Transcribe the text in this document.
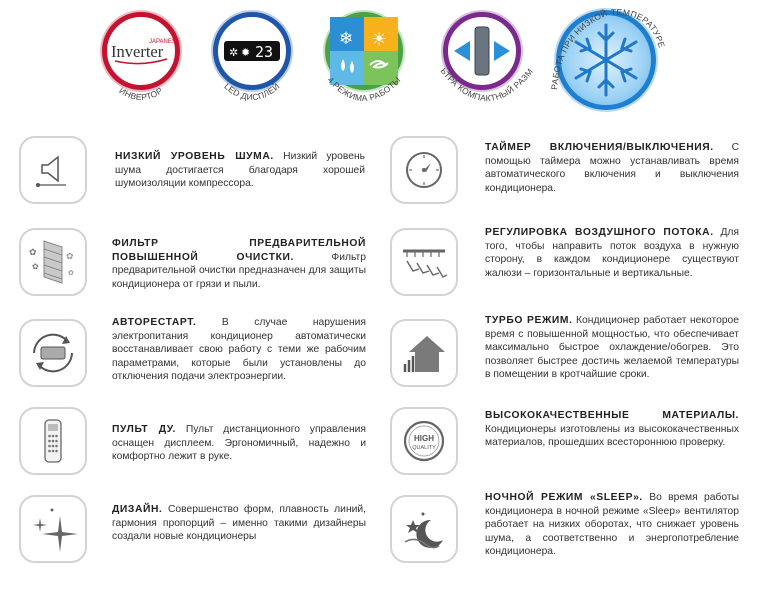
JAPANESE
Inverter
ИНВЕРТОР
✲ ✹ 23
LED ДИСПЛЕЙ
❄ ☀
4 РЕЖИМА РАБОТЫ
УЛЬТРА КОМПАКТНЫЙ РАЗМЕР
РАБОТА ПРИ НИЗКОЙ ТЕМПЕРАТУРЕ
НИЗКИЙ УРОВЕНЬ ШУМА. Низкий уровень шума достигается благодаря хорошей шумоизоляции компрессора.
✿
✿
✿
✿
ФИЛЬТР ПРЕДВАРИТЕЛЬНОЙ ПОВЫШЕННОЙ ОЧИСТКИ.	Фильтр предварительной очистки предназначен для защиты кондиционера от грязи и пыли.
АВТОРЕСТАРТ. В случае нарушения электропитания кондиционер автоматически восстанавливает свою работу с теми же рабочим параметрами, которые были установлены до отключения подачи электроэнергии.
ПУЛЬТ ДУ. Пульт дистанционного управления оснащен дисплеем. Эргономичный, надежно и комфортно лежит в руке.
ДИЗАЙН. Совершенство форм, плавность линий, гармония пропорций – именно такими дизайнеры создали новые кондиционеры
ТАЙМЕР ВКЛЮЧЕНИЯ/ВЫКЛЮЧЕНИЯ. С помощью таймера можно устанавливать время автоматического включения и выключения кондиционера.
РЕГУЛИРОВКА ВОЗДУШНОГО ПОТОКА. Для того, чтобы направить поток воздуха в нужную сторону, в каждом кондиционере существуют жалюзи – горизонтальные и вертикальные.
ТУРБО РЕЖИМ. Кондиционер работает некоторое время с повышенной мощностью, что обеспечивает максимально быстрое охлаждение/обогрев. Это позволяет быстрее достичь желаемой температуры в помещении в кротчайшие сроки.
HIGH
QUALITY
ВЫСОКОКАЧЕСТВЕННЫЕ МАТЕРИАЛЫ. Кондиционеры изготовлены из высококачественных материалов, прошедших всестороннюю проверку.
НОЧНОЙ РЕЖИМ «SLEEP». Во время работы кондиционера в ночной режиме «Sleep» вентилятор работает на низких оборотах, что снижает уровень шума, а соответственно и энергопотребление кондиционера.
